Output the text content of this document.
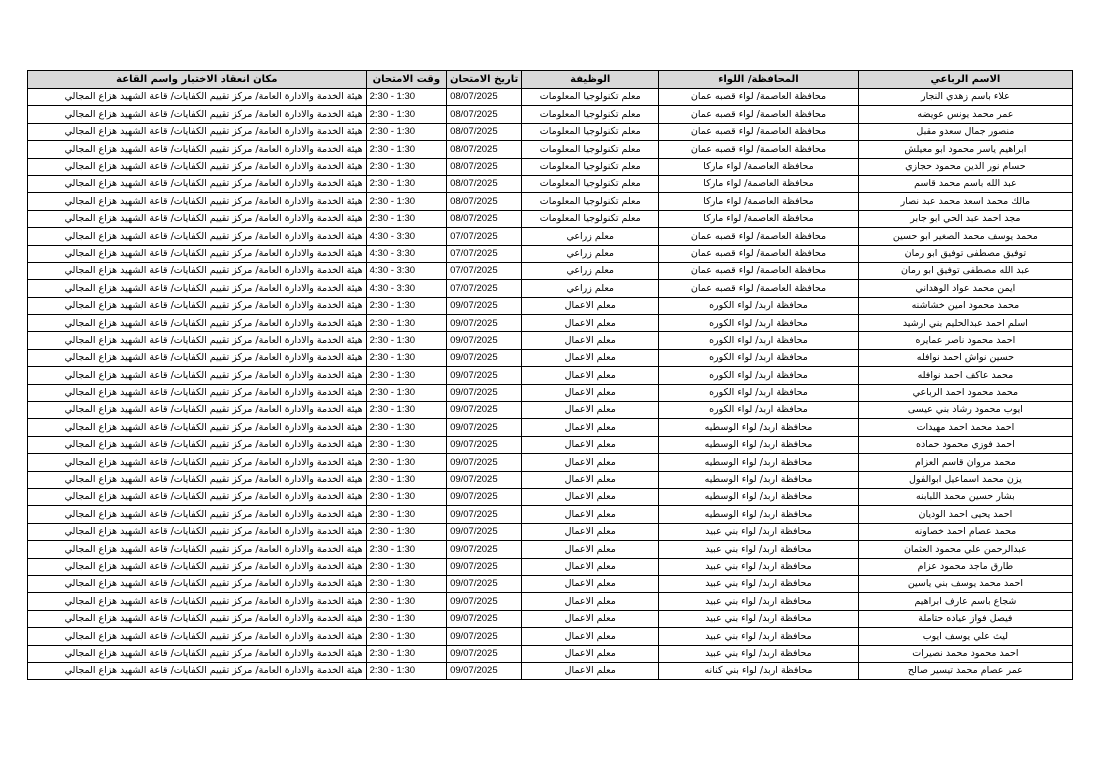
الاسم الرباعي	المحافظة/ اللواء	الوظيفة	تاريخ الامتحان	وقت الامتحان	مكان انعقاد الاختبار واسم القاعة
علاء باسم زهدي النجار	محافظة العاصمة/ لواء قصبه عمان	معلم تكنولوجيا المعلومات	08/07/2025	2:30 - 1:30	هيئة الخدمة والادارة العامة/ مركز تقييم الكفايات/ قاعة الشهيد هزاع المجالي
عمر محمد يونس عويضه	محافظة العاصمة/ لواء قصبه عمان	معلم تكنولوجيا المعلومات	08/07/2025	2:30 - 1:30	هيئة الخدمة والادارة العامة/ مركز تقييم الكفايات/ قاعة الشهيد هزاع المجالي
منصور جمال سعدو مقبل	محافظة العاصمة/ لواء قصبه عمان	معلم تكنولوجيا المعلومات	08/07/2025	2:30 - 1:30	هيئة الخدمة والادارة العامة/ مركز تقييم الكفايات/ قاعة الشهيد هزاع المجالي
ابراهيم ياسر محمود ابو معيلش	محافظة العاصمة/ لواء قصبه عمان	معلم تكنولوجيا المعلومات	08/07/2025	2:30 - 1:30	هيئة الخدمة والادارة العامة/ مركز تقييم الكفايات/ قاعة الشهيد هزاع المجالي
حسام نور الدين محمود حجازي	محافظة العاصمة/ لواء ماركا	معلم تكنولوجيا المعلومات	08/07/2025	2:30 - 1:30	هيئة الخدمة والادارة العامة/ مركز تقييم الكفايات/ قاعة الشهيد هزاع المجالي
عبد الله باسم محمد قاسم	محافظة العاصمة/ لواء ماركا	معلم تكنولوجيا المعلومات	08/07/2025	2:30 - 1:30	هيئة الخدمة والادارة العامة/ مركز تقييم الكفايات/ قاعة الشهيد هزاع المجالي
مالك محمد اسعد محمد عبد نصار	محافظة العاصمة/ لواء ماركا	معلم تكنولوجيا المعلومات	08/07/2025	2:30 - 1:30	هيئة الخدمة والادارة العامة/ مركز تقييم الكفايات/ قاعة الشهيد هزاع المجالي
مجد احمد عبد الحي ابو جابر	محافظة العاصمة/ لواء ماركا	معلم تكنولوجيا المعلومات	08/07/2025	2:30 - 1:30	هيئة الخدمة والادارة العامة/ مركز تقييم الكفايات/ قاعة الشهيد هزاع المجالي
محمد يوسف محمد الصغير ابو حسين	محافظة العاصمة/ لواء قصبه عمان	معلم زراعي	07/07/2025	4:30 - 3:30	هيئة الخدمة والادارة العامة/ مركز تقييم الكفايات/ قاعة الشهيد هزاع المجالي
توفيق مصطفى توفيق ابو رمان	محافظة العاصمة/ لواء قصبه عمان	معلم زراعي	07/07/2025	4:30 - 3:30	هيئة الخدمة والادارة العامة/ مركز تقييم الكفايات/ قاعة الشهيد هزاع المجالي
عبد الله مصطفى توفيق ابو رمان	محافظة العاصمة/ لواء قصبه عمان	معلم زراعي	07/07/2025	4:30 - 3:30	هيئة الخدمة والادارة العامة/ مركز تقييم الكفايات/ قاعة الشهيد هزاع المجالي
ايمن محمد عواد الوهداني	محافظة العاصمة/ لواء قصبه عمان	معلم زراعي	07/07/2025	4:30 - 3:30	هيئة الخدمة والادارة العامة/ مركز تقييم الكفايات/ قاعة الشهيد هزاع المجالي
محمد محمود امين خشاشنه	محافظة اربد/ لواء الكوره	معلم الاعمال	09/07/2025	2:30 - 1:30	هيئة الخدمة والادارة العامة/ مركز تقييم الكفايات/ قاعة الشهيد هزاع المجالي
اسلم احمد عبدالحليم بني ارشيد	محافظة اربد/ لواء الكوره	معلم الاعمال	09/07/2025	2:30 - 1:30	هيئة الخدمة والادارة العامة/ مركز تقييم الكفايات/ قاعة الشهيد هزاع المجالي
احمد محمود ناصر عمايره	محافظة اربد/ لواء الكوره	معلم الاعمال	09/07/2025	2:30 - 1:30	هيئة الخدمة والادارة العامة/ مركز تقييم الكفايات/ قاعة الشهيد هزاع المجالي
حسين نواش احمد نوافله	محافظة اربد/ لواء الكوره	معلم الاعمال	09/07/2025	2:30 - 1:30	هيئة الخدمة والادارة العامة/ مركز تقييم الكفايات/ قاعة الشهيد هزاع المجالي
محمد عاكف احمد نوافله	محافظة اربد/ لواء الكوره	معلم الاعمال	09/07/2025	2:30 - 1:30	هيئة الخدمة والادارة العامة/ مركز تقييم الكفايات/ قاعة الشهيد هزاع المجالي
محمد محمود احمد الرباعي	محافظة اربد/ لواء الكوره	معلم الاعمال	09/07/2025	2:30 - 1:30	هيئة الخدمة والادارة العامة/ مركز تقييم الكفايات/ قاعة الشهيد هزاع المجالي
ايوب محمود رشاد بني عيسى	محافظة اربد/ لواء الكوره	معلم الاعمال	09/07/2025	2:30 - 1:30	هيئة الخدمة والادارة العامة/ مركز تقييم الكفايات/ قاعة الشهيد هزاع المجالي
احمد محمد احمد مهيدات	محافظة اربد/ لواء الوسطيه	معلم الاعمال	09/07/2025	2:30 - 1:30	هيئة الخدمة والادارة العامة/ مركز تقييم الكفايات/ قاعة الشهيد هزاع المجالي
احمد فوزي محمود حماده	محافظة اربد/ لواء الوسطيه	معلم الاعمال	09/07/2025	2:30 - 1:30	هيئة الخدمة والادارة العامة/ مركز تقييم الكفايات/ قاعة الشهيد هزاع المجالي
محمد مروان قاسم العزام	محافظة اربد/ لواء الوسطيه	معلم الاعمال	09/07/2025	2:30 - 1:30	هيئة الخدمة والادارة العامة/ مركز تقييم الكفايات/ قاعة الشهيد هزاع المجالي
يزن محمد اسماعيل ابوالفول	محافظة اربد/ لواء الوسطيه	معلم الاعمال	09/07/2025	2:30 - 1:30	هيئة الخدمة والادارة العامة/ مركز تقييم الكفايات/ قاعة الشهيد هزاع المجالي
بشار حسين محمد اللبابنه	محافظة اربد/ لواء الوسطيه	معلم الاعمال	09/07/2025	2:30 - 1:30	هيئة الخدمة والادارة العامة/ مركز تقييم الكفايات/ قاعة الشهيد هزاع المجالي
احمد يحيى احمد الوديان	محافظة اربد/ لواء الوسطيه	معلم الاعمال	09/07/2025	2:30 - 1:30	هيئة الخدمة والادارة العامة/ مركز تقييم الكفايات/ قاعة الشهيد هزاع المجالي
محمد عصام احمد خصاونه	محافظة اربد/ لواء بني عبيد	معلم الاعمال	09/07/2025	2:30 - 1:30	هيئة الخدمة والادارة العامة/ مركز تقييم الكفايات/ قاعة الشهيد هزاع المجالي
عبدالرحمن علي محمود العثمان	محافظة اربد/ لواء بني عبيد	معلم الاعمال	09/07/2025	2:30 - 1:30	هيئة الخدمة والادارة العامة/ مركز تقييم الكفايات/ قاعة الشهيد هزاع المجالي
طارق ماجد محمود عزام	محافظة اربد/ لواء بني عبيد	معلم الاعمال	09/07/2025	2:30 - 1:30	هيئة الخدمة والادارة العامة/ مركز تقييم الكفايات/ قاعة الشهيد هزاع المجالي
احمد محمد يوسف بني ياسين	محافظة اربد/ لواء بني عبيد	معلم الاعمال	09/07/2025	2:30 - 1:30	هيئة الخدمة والادارة العامة/ مركز تقييم الكفايات/ قاعة الشهيد هزاع المجالي
شجاع باسم عارف ابراهيم	محافظة اربد/ لواء بني عبيد	معلم الاعمال	09/07/2025	2:30 - 1:30	هيئة الخدمة والادارة العامة/ مركز تقييم الكفايات/ قاعة الشهيد هزاع المجالي
فيصل فواز عياده حتاملة	محافظة اربد/ لواء بني عبيد	معلم الاعمال	09/07/2025	2:30 - 1:30	هيئة الخدمة والادارة العامة/ مركز تقييم الكفايات/ قاعة الشهيد هزاع المجالي
ليث علي يوسف ايوب	محافظة اربد/ لواء بني عبيد	معلم الاعمال	09/07/2025	2:30 - 1:30	هيئة الخدمة والادارة العامة/ مركز تقييم الكفايات/ قاعة الشهيد هزاع المجالي
احمد محمود محمد نصيرات	محافظة اربد/ لواء بني عبيد	معلم الاعمال	09/07/2025	2:30 - 1:30	هيئة الخدمة والادارة العامة/ مركز تقييم الكفايات/ قاعة الشهيد هزاع المجالي
عمر عصام محمد تيسير صالح	محافظة اربد/ لواء بني كنانه	معلم الاعمال	09/07/2025	2:30 - 1:30	هيئة الخدمة والادارة العامة/ مركز تقييم الكفايات/ قاعة الشهيد هزاع المجالي
